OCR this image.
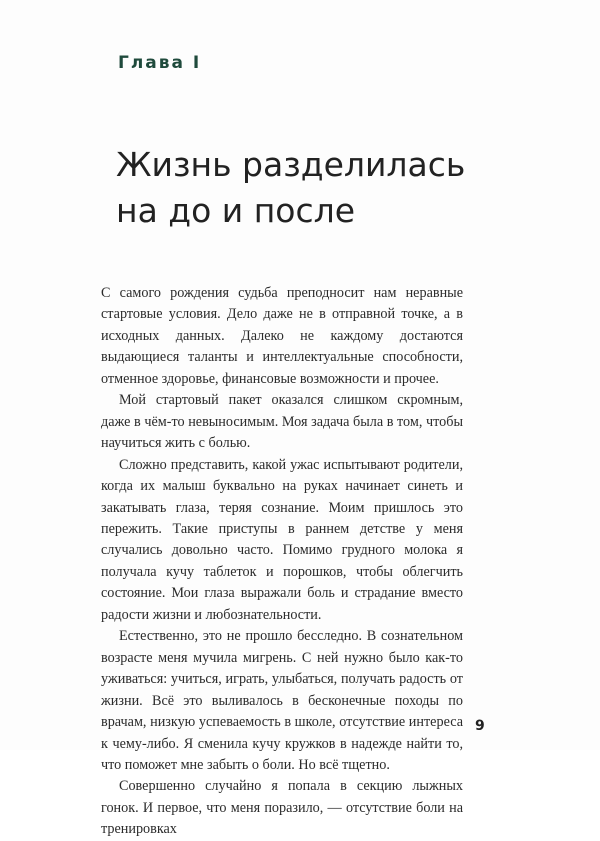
Глава I
Жизнь разделилась
на до и после

С самого рождения судьба преподносит нам неравные стартовые условия. Дело даже не в отправной точке, а в исходных данных. Далеко не каждому достаются выдающиеся таланты и интеллектуальные способности, отменное здоровье, финансовые возможности и прочее.

Мой стартовый пакет оказался слишком скромным, даже в чём-то невыносимым. Моя задача была в том, чтобы научиться жить с болью.

Сложно представить, какой ужас испытывают родители, когда их малыш буквально на руках начинает синеть и закатывать глаза, теряя сознание. Моим пришлось это пережить. Такие приступы в раннем детстве у меня случались довольно часто. Помимо грудного молока я получала кучу таблеток и порошков, чтобы облегчить состояние. Мои глаза выражали боль и страдание вместо радости жизни и любознательности.

Естественно, это не прошло бесследно. В сознательном возрасте меня мучила мигрень. С ней нужно было как-то уживаться: учиться, играть, улыбаться, получать радость от жизни. Всё это выливалось в бесконечные походы по врачам, низкую успеваемость в школе, отсутствие интереса к чему-либо. Я сменила кучу кружков в надежде найти то, что поможет мне забыть о боли. Но всё тщетно.

Совершенно случайно я попала в секцию лыжных гонок. И первое, что меня поразило, — отсутствие боли на тренировках

9
